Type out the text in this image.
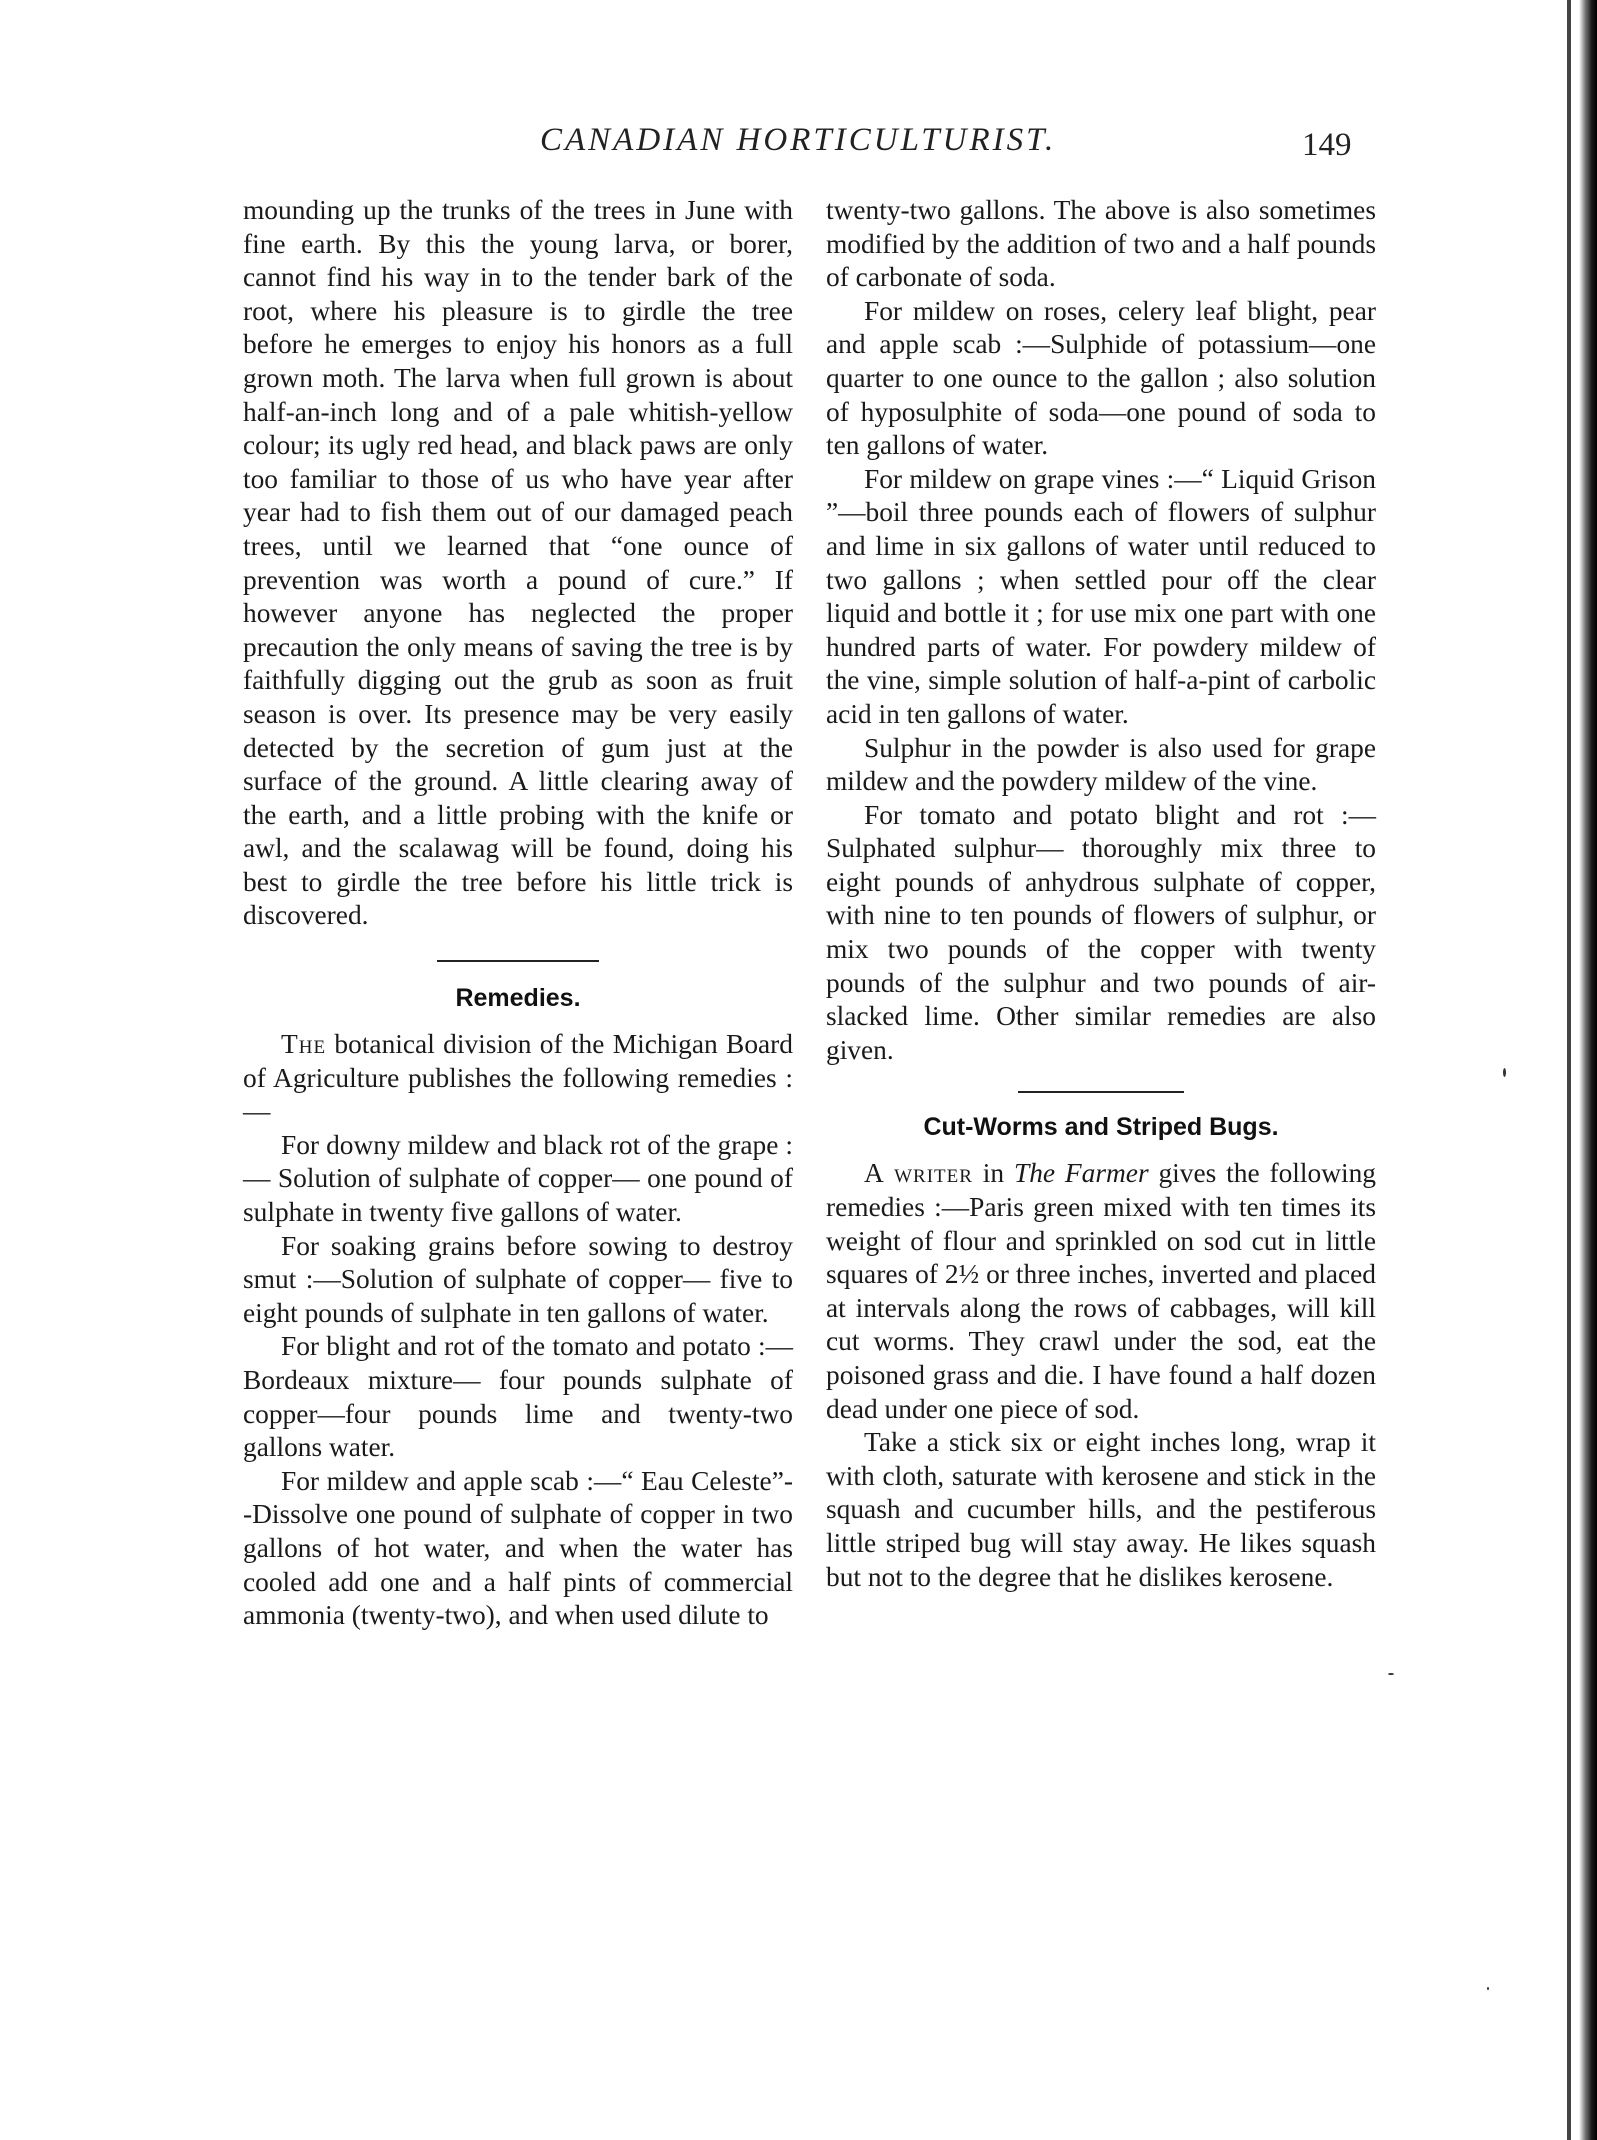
CANADIAN HORTICULTURIST.	149

mounding up the trunks of the trees in June with fine earth. By this the young larva, or borer, cannot find his way in to the tender bark of the root, where his pleasure is to girdle the tree before he emerges to enjoy his honors as a full grown moth. The larva when full grown is about half-an-inch long and of a pale whitish-yellow colour; its ugly red head, and black paws are only too familiar to those of us who have year after year had to fish them out of our damaged peach trees, until we learned that “one ounce of prevention was worth a pound of cure.” If however anyone has neglected the proper precaution the only means of saving the tree is by faithfully digging out the grub as soon as fruit season is over. Its presence may be very easily detected by the secretion of gum just at the surface of the ground. A little clearing away of the earth, and a little probing with the knife or awl, and the scalawag will be found, doing his best to girdle the tree before his little trick is discovered.

Remedies.

The botanical division of the Michigan Board of Agriculture publishes the following remedies :—

For downy mildew and black rot of the grape :— Solution of sulphate of copper— one pound of sulphate in twenty five gallons of water.

For soaking grains before sowing to destroy smut :—Solution of sulphate of copper— five to eight pounds of sulphate in ten gallons of water.

For blight and rot of the tomato and potato :— Bordeaux mixture— four pounds sulphate of copper—four pounds lime and twenty-two gallons water.

For mildew and apple scab :—“ Eau Celeste”--Dissolve one pound of sulphate of copper in two gallons of hot water, and when the water has cooled add one and a half pints of commercial ammonia (twenty-two), and when used dilute to

twenty-two gallons. The above is also sometimes modified by the addition of two and a half pounds of carbonate of soda.

For mildew on roses, celery leaf blight, pear and apple scab :—Sulphide of potassium—one quarter to one ounce to the gallon ; also solution of hyposulphite of soda—one pound of soda to ten gallons of water.

For mildew on grape vines :—“ Liquid Grison ”—boil three pounds each of flowers of sulphur and lime in six gallons of water until reduced to two gallons ; when settled pour off the clear liquid and bottle it ; for use mix one part with one hundred parts of water. For powdery mildew of the vine, simple solution of half-a-pint of carbolic acid in ten gallons of water.

Sulphur in the powder is also used for grape mildew and the powdery mildew of the vine.

For tomato and potato blight and rot :—Sulphated sulphur— thoroughly mix three to eight pounds of anhydrous sulphate of copper, with nine to ten pounds of flowers of sulphur, or mix two pounds of the copper with twenty pounds of the sulphur and two pounds of air-slacked lime. Other similar remedies are also given.

Cut-Worms and Striped Bugs.

A writer in The Farmer gives the following remedies :—Paris green mixed with ten times its weight of flour and sprinkled on sod cut in little squares of 2½ or three inches, inverted and placed at intervals along the rows of cabbages, will kill cut worms. They crawl under the sod, eat the poisoned grass and die. I have found a half dozen dead under one piece of sod.

Take a stick six or eight inches long, wrap it with cloth, saturate with kerosene and stick in the squash and cucumber hills, and the pestiferous little striped bug will stay away. He likes squash but not to the degree that he dislikes kerosene.
